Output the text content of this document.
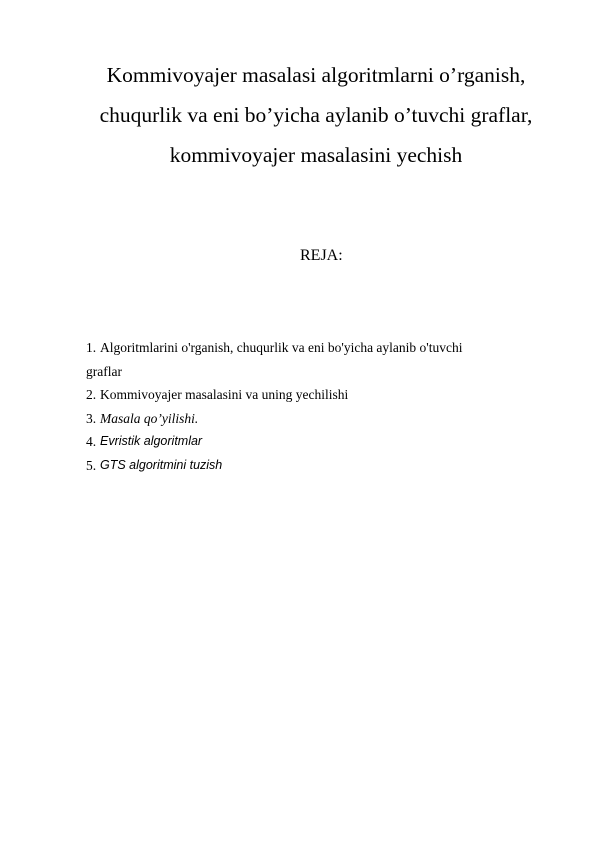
Kommivoyajer masalasi algoritmlarni o’rganish,
chuqurlik va eni bo’yicha aylanib o’tuvchi graflar,
kommivoyajer masalasini yechish
REJA:
1. Algoritmlarini o'rganish, chuqurlik va eni bo'yicha aylanib o'tuvchi
graflar
2. Kommivoyajer masalasini va uning yechilishi
3. Masala qo’yilishi.
4. Evristik algoritmlar
5. GTS algoritmini tuzish
